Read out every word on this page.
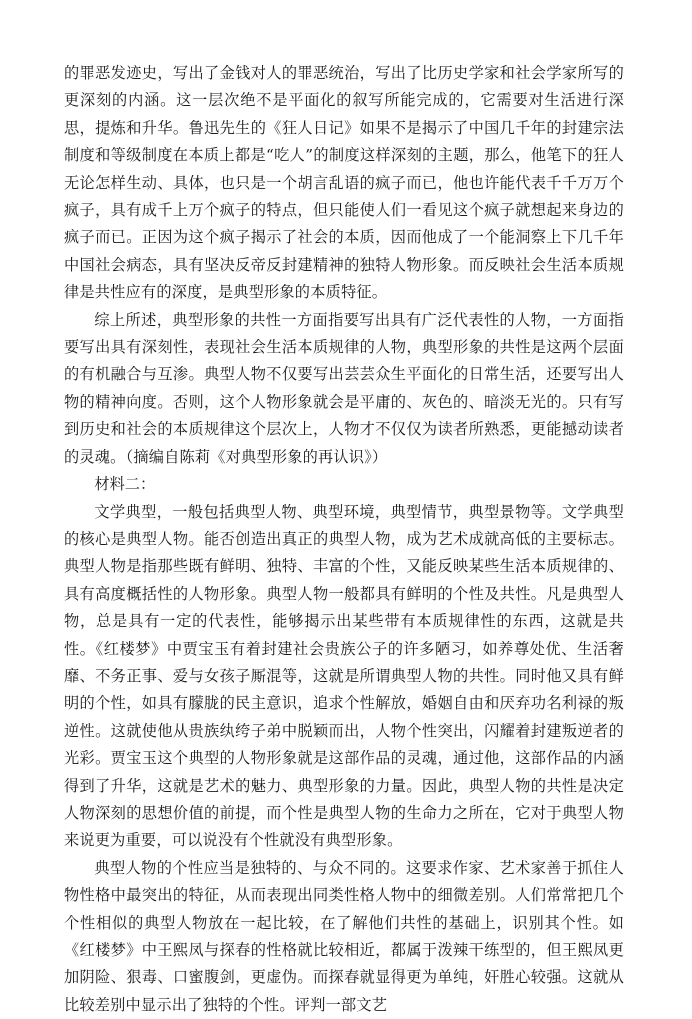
的罪恶发迹史，写出了金钱对人的罪恶统治，写出了比历史学家和社会学家所写的更深刻的内涵。这一层次绝不是平面化的叙写所能完成的，它需要对生活进行深思，提炼和升华。鲁迅先生的《狂人日记》如果不是揭示了中国几千年的封建宗法制度和等级制度在本质上都是“吃人”的制度这样深刻的主题，那么，他笔下的狂人无论怎样生动、具体，也只是一个胡言乱语的疯子而已，他也许能代表千千万万个疯子，具有成千上万个疯子的特点，但只能使人们一看见这个疯子就想起来身边的疯子而已。正因为这个疯子揭示了社会的本质，因而他成了一个能洞察上下几千年中国社会病态，具有坚决反帝反封建精神的独特人物形象。而反映社会生活本质规律是共性应有的深度，是典型形象的本质特征。

综上所述，典型形象的共性一方面指要写出具有广泛代表性的人物，一方面指要写出具有深刻性，表现社会生活本质规律的人物，典型形象的共性是这两个层面的有机融合与互渗。典型人物不仅要写出芸芸众生平面化的日常生活，还要写出人物的精神向度。否则，这个人物形象就会是平庸的、灰色的、暗淡无光的。只有写到历史和社会的本质规律这个层次上，人物才不仅仅为读者所熟悉，更能撼动读者的灵魂。（摘编自陈莉《对典型形象的再认识》）

材料二：

文学典型，一般包括典型人物、典型环境，典型情节，典型景物等。文学典型的核心是典型人物。能否创造出真正的典型人物，成为艺术成就高低的主要标志。典型人物是指那些既有鲜明、独特、丰富的个性，又能反映某些生活本质规律的、具有高度概括性的人物形象。典型人物一般都具有鲜明的个性及共性。凡是典型人物，总是具有一定的代表性，能够揭示出某些带有本质规律性的东西，这就是共性。《红楼梦》中贾宝玉有着封建社会贵族公子的许多陋习，如养尊处优、生活奢靡、不务正事、爱与女孩子厮混等，这就是所谓典型人物的共性。同时他又具有鲜明的个性，如具有朦胧的民主意识，追求个性解放，婚姻自由和厌弃功名利禄的叛逆性。这就使他从贵族纨绔子弟中脱颖而出，人物个性突出，闪耀着封建叛逆者的光彩。贾宝玉这个典型的人物形象就是这部作品的灵魂，通过他，这部作品的内涵得到了升华，这就是艺术的魅力、典型形象的力量。因此，典型人物的共性是决定人物深刻的思想价值的前提，而个性是典型人物的生命力之所在，它对于典型人物来说更为重要，可以说没有个性就没有典型形象。

典型人物的个性应当是独特的、与众不同的。这要求作家、艺术家善于抓住人物性格中最突出的特征，从而表现出同类性格人物中的细微差别。人们常常把几个个性相似的典型人物放在一起比较，在了解他们共性的基础上，识别其个性。如《红楼梦》中王熙凤与探春的性格就比较相近，都属于泼辣干练型的，但王熙凤更加阴险、狠毒、口蜜腹剑，更虚伪。而探春就显得更为单纯，奸胜心较强。这就从比较差别中显示出了独特的个性。评判一部文艺
